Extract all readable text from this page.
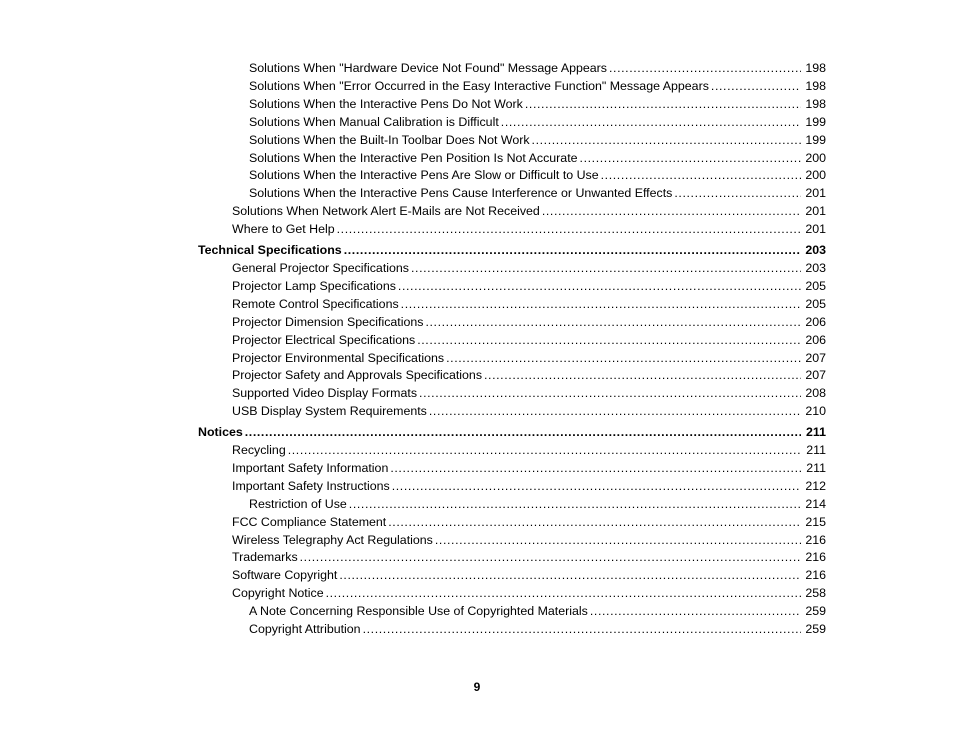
Solutions When "Hardware Device Not Found" Message Appears .....	198
Solutions When "Error Occurred in the Easy Interactive Function" Message Appears .....	198
Solutions When the Interactive Pens Do Not Work .....	198
Solutions When Manual Calibration is Difficult .....	199
Solutions When the Built-In Toolbar Does Not Work .....	199
Solutions When the Interactive Pen Position Is Not Accurate .....	200
Solutions When the Interactive Pens Are Slow or Difficult to Use .....	200
Solutions When the Interactive Pens Cause Interference or Unwanted Effects .....	201
Solutions When Network Alert E-Mails are Not Received .....	201
Where to Get Help .....	201
Technical Specifications .....	203
General Projector Specifications .....	203
Projector Lamp Specifications .....	205
Remote Control Specifications .....	205
Projector Dimension Specifications .....	206
Projector Electrical Specifications .....	206
Projector Environmental Specifications .....	207
Projector Safety and Approvals Specifications .....	207
Supported Video Display Formats .....	208
USB Display System Requirements .....	210
Notices .....	211
Recycling .....	211
Important Safety Information .....	211
Important Safety Instructions .....	212
Restriction of Use .....	214
FCC Compliance Statement .....	215
Wireless Telegraphy Act Regulations .....	216
Trademarks .....	216
Software Copyright .....	216
Copyright Notice .....	258
A Note Concerning Responsible Use of Copyrighted Materials .....	259
Copyright Attribution .....	259
9
